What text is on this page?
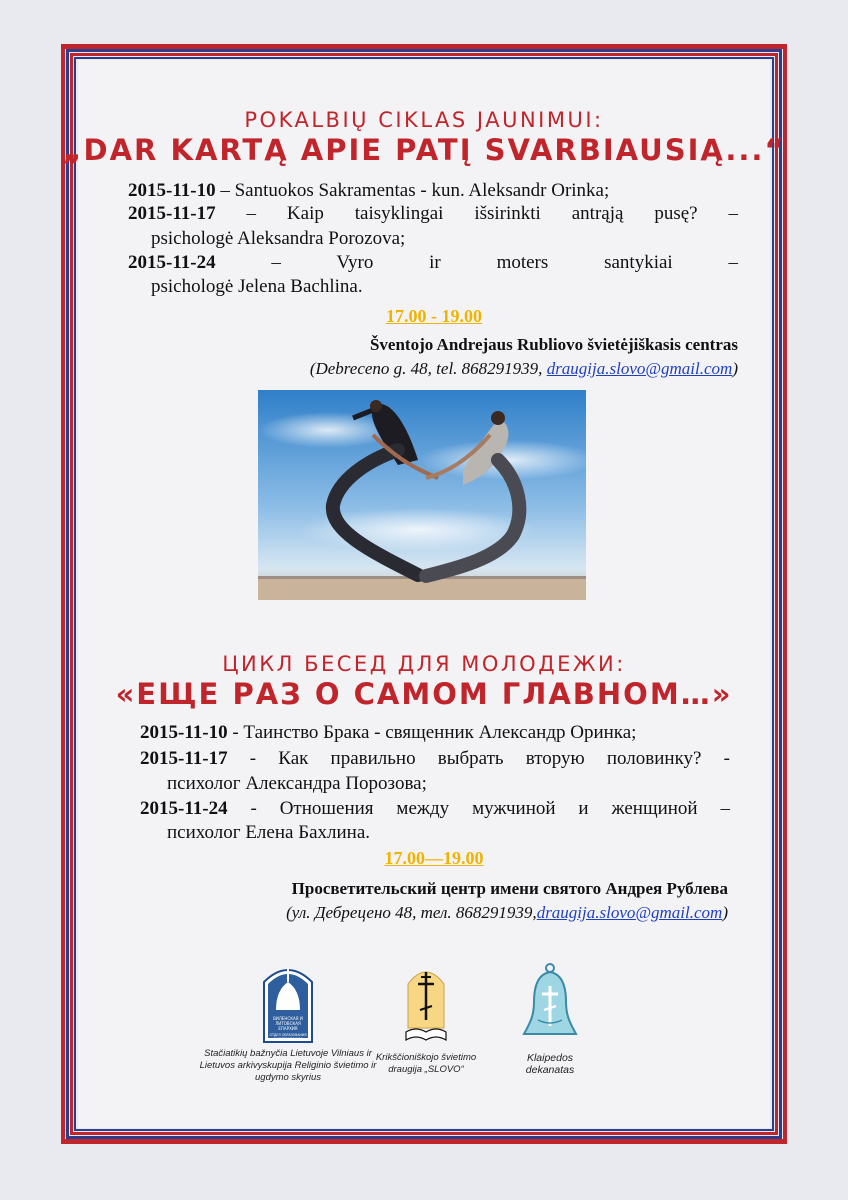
POKALBIŲ CIKLAS JAUNIMUI:
„DAR KARTĄ APIE PATĮ SVARBIAUSIĄ...“
2015-11-10 – Santuokos Sakramentas - kun. Aleksandr Orinka;
2015-11-17 – Kaip taisyklingai išsirinkti antrąją pusę? –
psichologė Aleksandra Porozova;
2015-11-24 – Vyro ir moters santykiai –
psichologė Jelena Bachlina.
17.00 - 19.00
Šventojo Andrejaus Rubliovo švietėjiškasis centras
(Debreceno g. 48, tel. 868291939, draugija.slovo@gmail.com)
ЦИКЛ БЕСЕД ДЛЯ МОЛОДЕЖИ:
«ЕЩЕ РАЗ О САМОМ ГЛАВНОМ…»
2015-11-10 - Таинство Брака - священник Александр Оринка;
2015-11-17 - Как правильно выбрать вторую половинку? -
психолог Александра Порозова;
2015-11-24 - Отношения между мужчиной и женщиной –
психолог Елена Бахлина.
17.00—19.00
Просветительский центр имени святого Андрея Рублева
(ул. Дебрецено 48, тел. 868291939,draugija.slovo@gmail.com)
ВИЛЕНСКАЯ И
ЛИТОВСКАЯ
ЕПАРХИЯ
ОТДЕЛ ОБРАЗОВАНИЯ
И КАТЕХИЗАЦИИ
Stačiatikių bažnyčia Lietuvoje Vilniaus ir
Lietuvos arkivyskupija Religinio švietimo ir
ugdymo skyrius
Krikščioniškojo švietimo
draugija „SLOVO“
Klaipedos
dekanatas
